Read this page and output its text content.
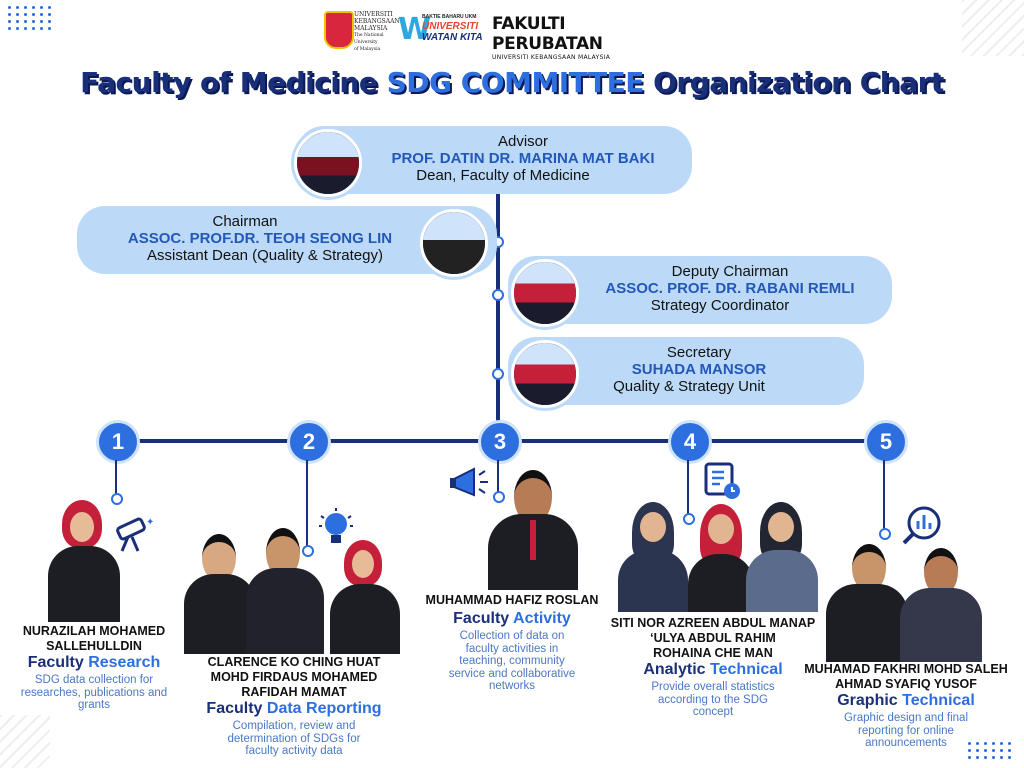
UNIVERSITI
KEBANGSAAN
MALAYSIA
The National University
of Malaysia
W
BAKTIE BAHARU UKM
UNIVERSITI
WATAN KITA
FAKULTI PERUBATAN
UNIVERSITI KEBANGSAAN MALAYSIA
Faculty of Medicine SDG COMMITTEE Organization Chart
Advisor
PROF. DATIN DR. MARINA MAT BAKI
Dean, Faculty of Medicine
Chairman
ASSOC. PROF.DR. TEOH SEONG LIN
Assistant Dean (Quality & Strategy)
Deputy Chairman
ASSOC. PROF. DR. RABANI REMLI
Strategy Coordinator
Secretary
SUHADA MANSOR
Quality & Strategy Unit
1	2	3	4	5
✦
NURAZILAH MOHAMED
SALLEHULLDIN
Faculty Research
SDG data collection for researches, publications and grants
CLARENCE KO CHING HUAT
MOHD FIRDAUS MOHAMED
RAFIDAH MAMAT
Faculty Data Reporting
Compilation, review and determination of SDGs for faculty activity data
MUHAMMAD HAFIZ ROSLAN
Faculty Activity
Collection of data on faculty activities in teaching, community service and collaborative networks
SITI NOR AZREEN ABDUL MANAP
‘ULYA ABDUL RAHIM
ROHAINA CHE MAN
Analytic Technical
Provide overall statistics according to the SDG concept
MUHAMAD FAKHRI MOHD SALEH
AHMAD SYAFIQ YUSOF
Graphic Technical
Graphic design and final reporting for online announcements
